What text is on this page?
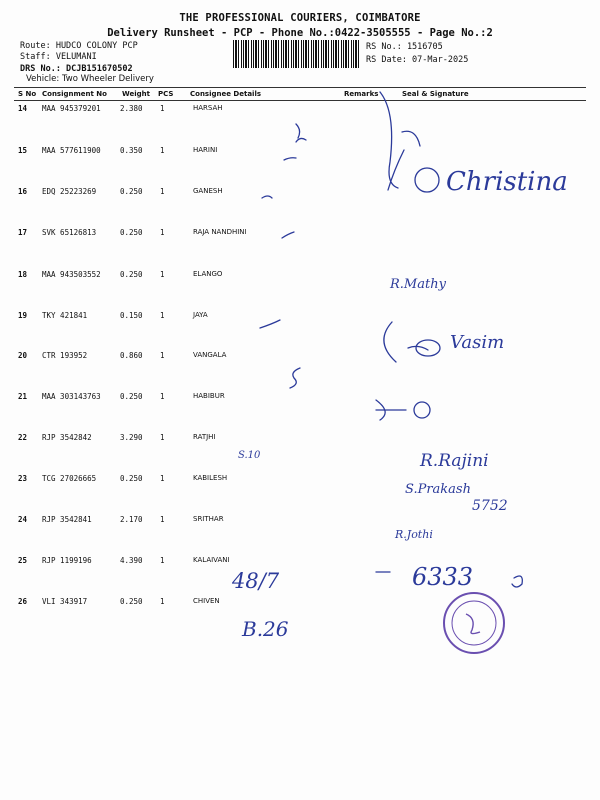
THE PROFESSIONAL COURIERS, COIMBATORE
Delivery Runsheet - PCP - Phone No.:0422-3505555 - Page No.:2
Route: HUDCO COLONY PCP
Staff: VELUMANI
DRS No.: DCJB151670502
Vehicle: Two Wheeler Delivery
RS No.: 1516705
RS Date: 07-Mar-2025
S No Consignment No Weight PCS Consignee Details	Remarks	Seal & Signature
14 MAA 945379201	2.380 1	HARSAH
15 MAA 577611900	0.350 1	HARINI
16 EDQ 25223269	0.250 1	GANESH
17 SVK 65126813	0.250 1	RAJA NANDHINI
18 MAA 943503552	0.250 1	ELANGO
19 TKY 421841	0.150 1	JAYA
20 CTR 193952	0.860 1	VANGALA
21 MAA 303143763	0.250 1	HABIBUR
22 RJP 3542842	3.290 1	RATJHI
23 TCG 27026665	0.250 1	KABILESH
24 RJP 3542841	2.170 1	SRITHAR
25 RJP 1199196	4.390 1	KALAIVANI
26 VLI 343917	0.250 1	CHIVEN
Christina
R.Mathy
Vasim
R.Rajini
S.Prakash
5752
R.Jothi
6333
S.10
48/7
B.26
